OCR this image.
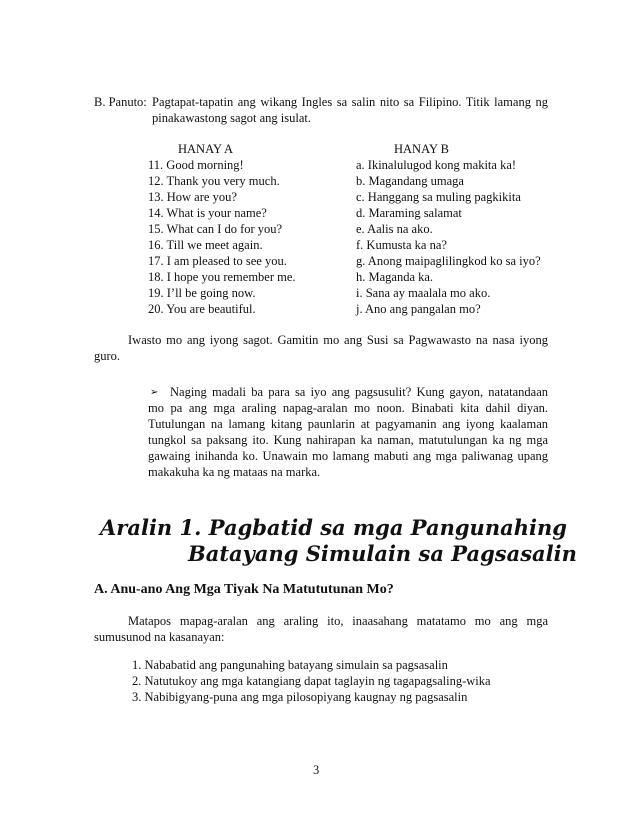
B. Panuto: Pagtapat-tapatin ang wikang Ingles sa salin nito sa Filipino. Titik lamang ng
pinakawastong sagot ang isulat.
HANAY A	HANAY B
11. Good morning!
12. Thank you very much.
13. How are you?
14. What is your name?
15. What can I do for you?
16. Till we meet again.
17. I am pleased to see you.
18. I hope you remember me.
19. I’ll be going now.
20. You are beautiful.
a. Ikinalulugod kong makita ka!
b. Magandang umaga
c. Hanggang sa muling pagkikita
d. Maraming salamat
e. Aalis na ako.
f. Kumusta ka na?
g. Anong maipaglilingkod ko sa iyo?
h. Maganda ka.
i. Sana ay maalala mo ako.
j. Ano ang pangalan mo?
Iwasto mo ang iyong sagot. Gamitin mo ang Susi sa Pagwawasto na nasa iyong
guro.
➢ Naging madali ba para sa iyo ang pagsusulit? Kung gayon, natatandaan
mo pa ang mga araling napag-aralan mo noon. Binabati kita dahil diyan.
Tutulungan na lamang kitang paunlarin at pagyamanin ang iyong kaalaman
tungkol sa paksang ito. Kung nahirapan ka naman, matutulungan ka ng mga
gawaing inihanda ko. Unawain mo lamang mabuti ang mga paliwanag upang
makakuha ka ng mataas na marka.
Aralin 1. Pagbatid sa mga Pangunahing
Batayang Simulain sa Pagsasalin
A. Anu-ano Ang Mga Tiyak Na Matututunan Mo?
Matapos mapag-aralan ang araling ito, inaasahang matatamo mo ang mga
sumusunod na kasanayan:
1. Nababatid ang pangunahing batayang simulain sa pagsasalin
2. Natutukoy ang mga katangiang dapat taglayin ng tagapagsaling-wika
3. Nabibigyang-puna ang mga pilosopiyang kaugnay ng pagsasalin
3
